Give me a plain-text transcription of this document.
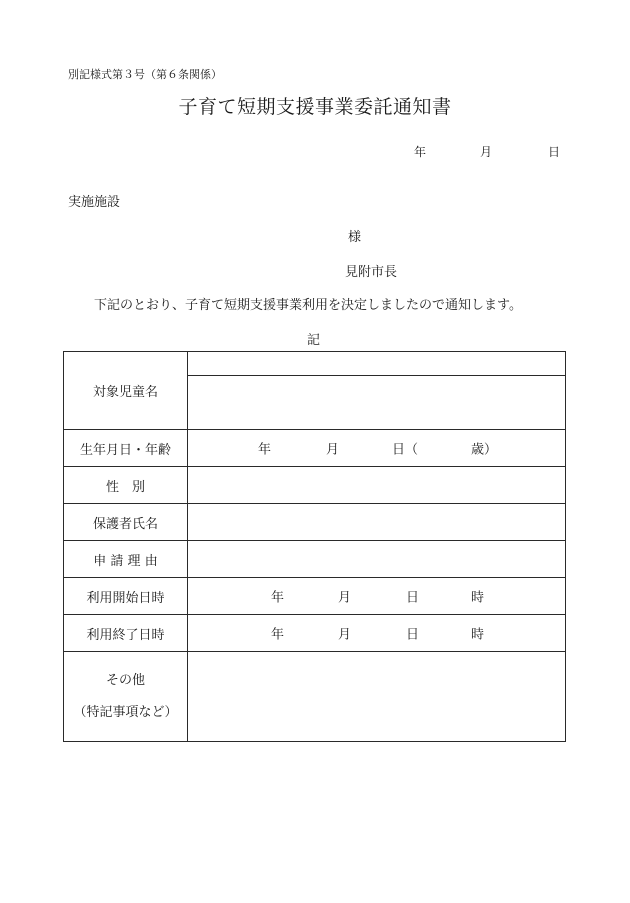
別記様式第３号（第６条関係）
子育て短期支援事業委託通知書
年	月	日
実施施設
様
見附市長
下記のとおり、子育て短期支援事業利用を決定しましたので通知します。
記
対象児童名	

生年月日・年齢	年 月 日（ 歳）

性　別	
保護者氏名	
申 請 理 由	
利用開始日時	年 月 日 時

利用終了日時	年 月 日 時

その他
（特記事項など）	
